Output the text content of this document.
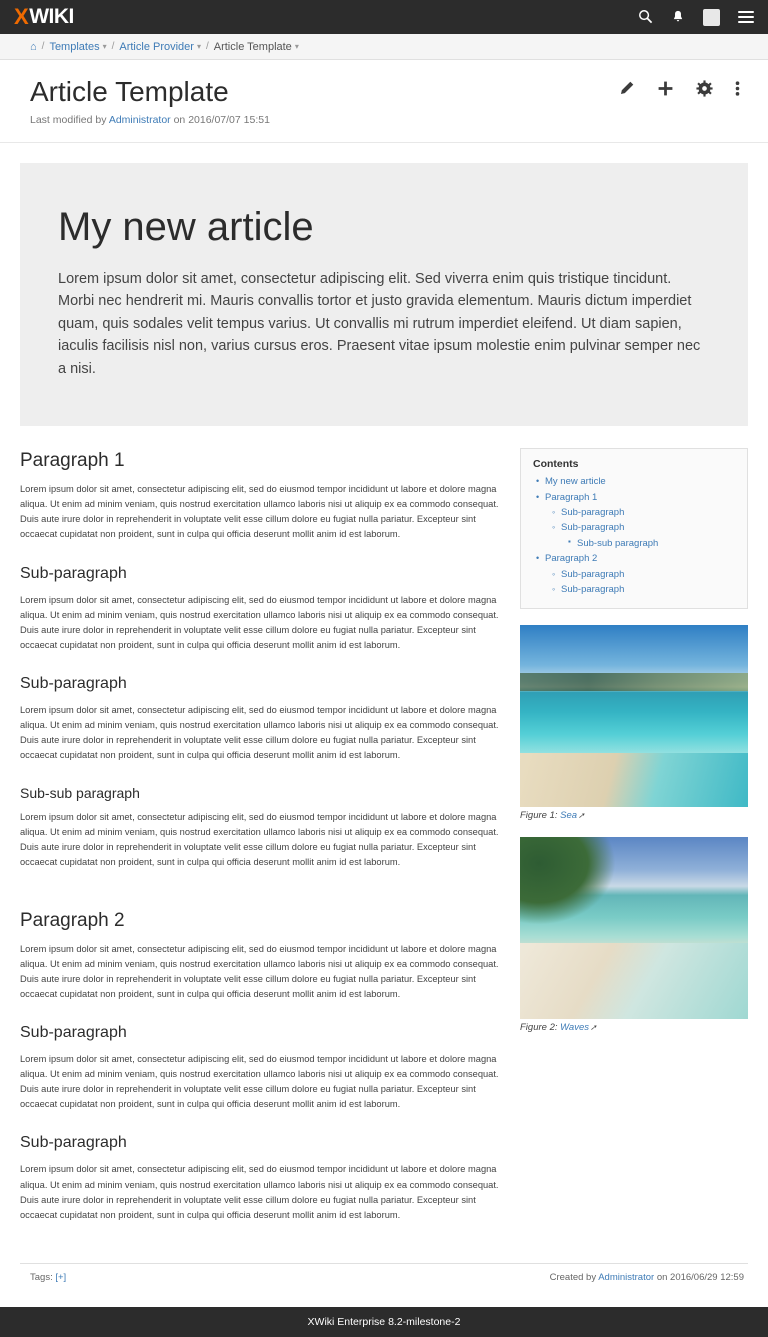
X WIKI
⌂ / Templates ▾ / Article Provider ▾ / Article Template ▾
Article Template
Last modified by Administrator on 2016/07/07 15:51
My new article

Lorem ipsum dolor sit amet, consectetur adipiscing elit. Sed viverra enim quis tristique tincidunt. Morbi nec hendrerit mi. Mauris convallis tortor et justo gravida elementum. Mauris dictum imperdiet quam, quis sodales velit tempus varius. Ut convallis mi rutrum imperdiet eleifend. Ut diam sapien, iaculis facilisis nisl non, varius cursus eros. Praesent vitae ipsum molestie enim pulvinar semper nec a nisi.

Paragraph 1

Lorem ipsum dolor sit amet, consectetur adipiscing elit, sed do eiusmod tempor incididunt ut labore et dolore magna aliqua. Ut enim ad minim veniam, quis nostrud exercitation ullamco laboris nisi ut aliquip ex ea commodo consequat. Duis aute irure dolor in reprehenderit in voluptate velit esse cillum dolore eu fugiat nulla pariatur. Excepteur sint occaecat cupidatat non proident, sunt in culpa qui officia deserunt mollit anim id est laborum.

Sub-paragraph

Lorem ipsum dolor sit amet, consectetur adipiscing elit, sed do eiusmod tempor incididunt ut labore et dolore magna aliqua. Ut enim ad minim veniam, quis nostrud exercitation ullamco laboris nisi ut aliquip ex ea commodo consequat. Duis aute irure dolor in reprehenderit in voluptate velit esse cillum dolore eu fugiat nulla pariatur. Excepteur sint occaecat cupidatat non proident, sunt in culpa qui officia deserunt mollit anim id est laborum.

Sub-paragraph

Lorem ipsum dolor sit amet, consectetur adipiscing elit, sed do eiusmod tempor incididunt ut labore et dolore magna aliqua. Ut enim ad minim veniam, quis nostrud exercitation ullamco laboris nisi ut aliquip ex ea commodo consequat. Duis aute irure dolor in reprehenderit in voluptate velit esse cillum dolore eu fugiat nulla pariatur. Excepteur sint occaecat cupidatat non proident, sunt in culpa qui officia deserunt mollit anim id est laborum.

Sub-sub paragraph

Lorem ipsum dolor sit amet, consectetur adipiscing elit, sed do eiusmod tempor incididunt ut labore et dolore magna aliqua. Ut enim ad minim veniam, quis nostrud exercitation ullamco laboris nisi ut aliquip ex ea commodo consequat. Duis aute irure dolor in reprehenderit in voluptate velit esse cillum dolore eu fugiat nulla pariatur. Excepteur sint occaecat cupidatat non proident, sunt in culpa qui officia deserunt mollit anim id est laborum.

Paragraph 2

Lorem ipsum dolor sit amet, consectetur adipiscing elit, sed do eiusmod tempor incididunt ut labore et dolore magna aliqua. Ut enim ad minim veniam, quis nostrud exercitation ullamco laboris nisi ut aliquip ex ea commodo consequat. Duis aute irure dolor in reprehenderit in voluptate velit esse cillum dolore eu fugiat nulla pariatur. Excepteur sint occaecat cupidatat non proident, sunt in culpa qui officia deserunt mollit anim id est laborum.

Sub-paragraph

Lorem ipsum dolor sit amet, consectetur adipiscing elit, sed do eiusmod tempor incididunt ut labore et dolore magna aliqua. Ut enim ad minim veniam, quis nostrud exercitation ullamco laboris nisi ut aliquip ex ea commodo consequat. Duis aute irure dolor in reprehenderit in voluptate velit esse cillum dolore eu fugiat nulla pariatur. Excepteur sint occaecat cupidatat non proident, sunt in culpa qui officia deserunt mollit anim id est laborum.

Sub-paragraph

Lorem ipsum dolor sit amet, consectetur adipiscing elit, sed do eiusmod tempor incididunt ut labore et dolore magna aliqua. Ut enim ad minim veniam, quis nostrud exercitation ullamco laboris nisi ut aliquip ex ea commodo consequat. Duis aute irure dolor in reprehenderit in voluptate velit esse cillum dolore eu fugiat nulla pariatur. Excepteur sint occaecat cupidatat non proident, sunt in culpa qui officia deserunt mollit anim id est laborum.

Contents
• My new article
• Paragraph 1
◦ Sub-paragraph
◦ Sub-paragraph
▪ Sub-sub paragraph
• Paragraph 2
◦ Sub-paragraph
◦ Sub-paragraph
Figure 1: Sea➚
Figure 2: Waves➚
Tags: [+]	Created by Administrator on 2016/06/29 12:59
XWiki Enterprise 8.2-milestone-2
